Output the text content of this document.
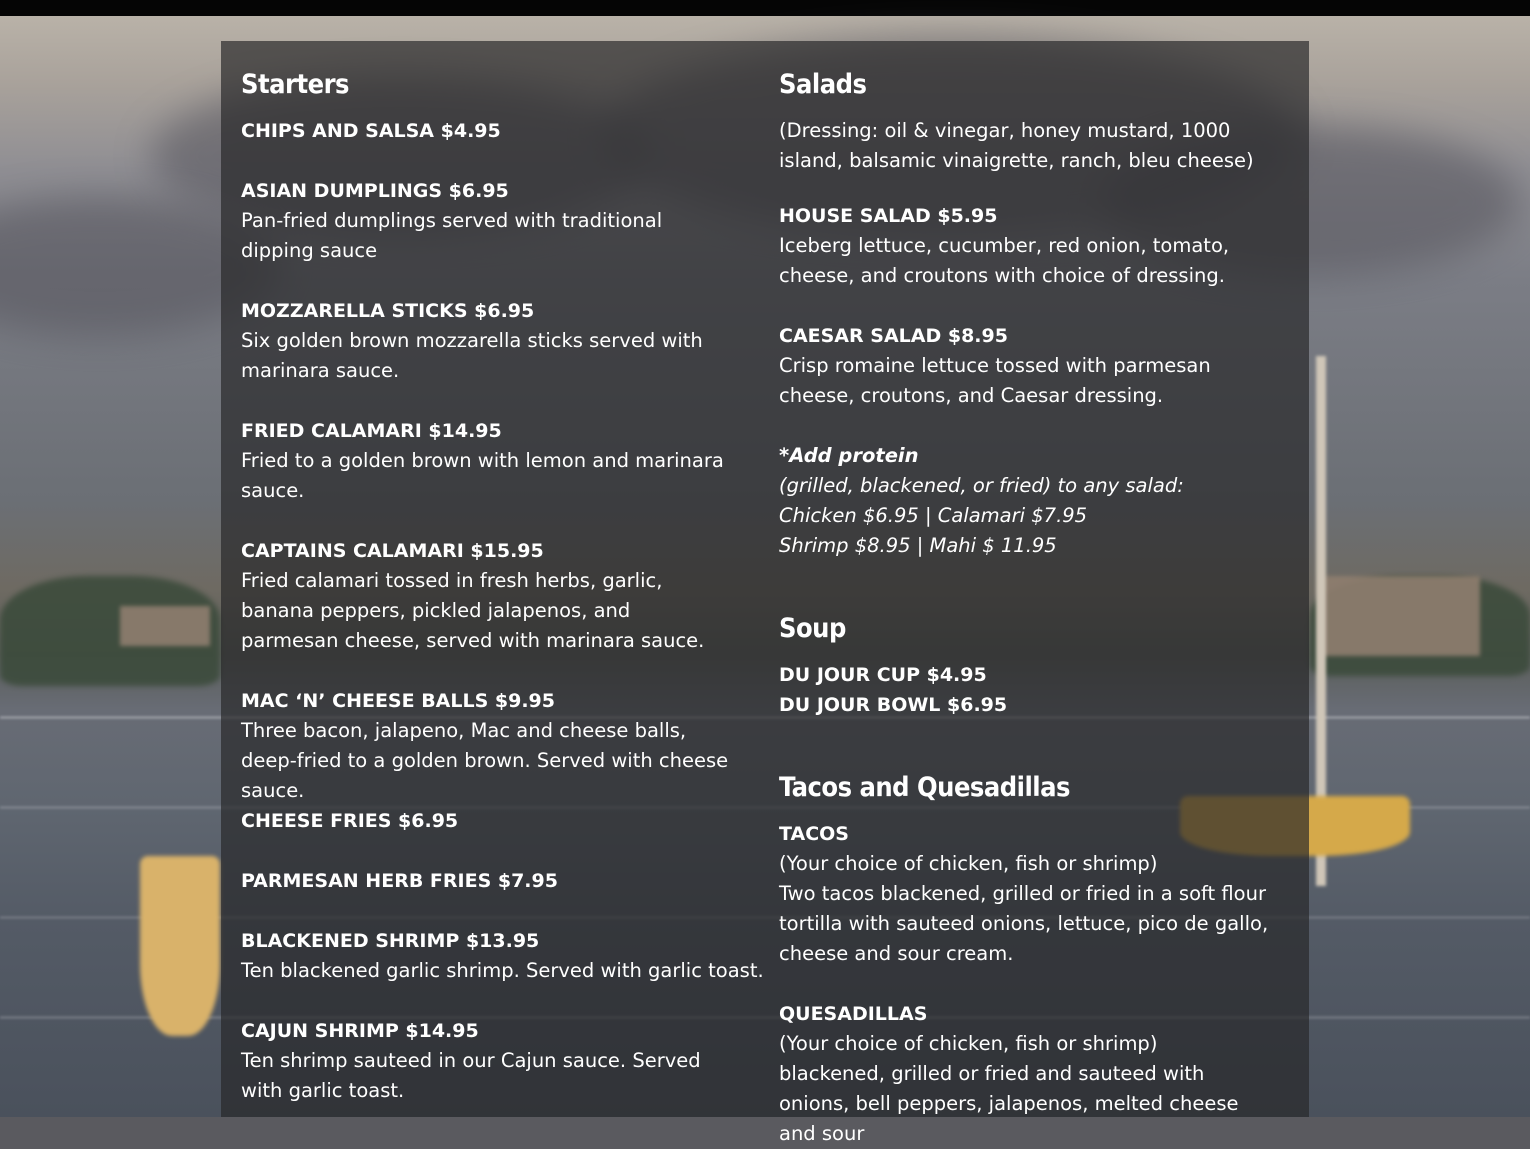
Starters
CHIPS AND SALSA $4.95
ASIAN DUMPLINGS $6.95
Pan-fried dumplings served with traditional dipping sauce
MOZZARELLA STICKS $6.95
Six golden brown mozzarella sticks served with marinara sauce.
FRIED CALAMARI $14.95
Fried to a golden brown with lemon and marinara sauce.
CAPTAINS CALAMARI $15.95
Fried calamari tossed in fresh herbs, garlic, banana peppers, pickled jalapenos, and parmesan cheese, served with marinara sauce.
MAC ‘N’ CHEESE BALLS $9.95
Three bacon, jalapeno, Mac and cheese balls, deep-fried to a golden brown. Served with cheese sauce.
CHEESE FRIES $6.95
PARMESAN HERB FRIES $7.95
BLACKENED SHRIMP $13.95
Ten blackened garlic shrimp. Served with garlic toast.
CAJUN SHRIMP $14.95
Ten shrimp sauteed in our Cajun sauce. Served with garlic toast.
Salads
(Dressing: oil & vinegar, honey mustard, 1000 island, balsamic vinaigrette, ranch, bleu cheese)
HOUSE SALAD $5.95
Iceberg lettuce, cucumber, red onion, tomato, cheese, and croutons with choice of dressing.
CAESAR SALAD $8.95
Crisp romaine lettuce tossed with parmesan cheese, croutons, and Caesar dressing.
*Add protein
(grilled, blackened, or fried) to any salad:
Chicken $6.95 | Calamari $7.95
Shrimp $8.95 | Mahi $ 11.95
Soup
DU JOUR CUP $4.95
DU JOUR BOWL $6.95
Tacos and Quesadillas
TACOS
(Your choice of chicken, fish or shrimp)
Two tacos blackened, grilled or fried in a soft flour tortilla with sauteed onions, lettuce, pico de gallo, cheese and sour cream.
QUESADILLAS
(Your choice of chicken, fish or shrimp)
blackened, grilled or fried and sauteed with onions, bell peppers, jalapenos, melted cheese and sour
